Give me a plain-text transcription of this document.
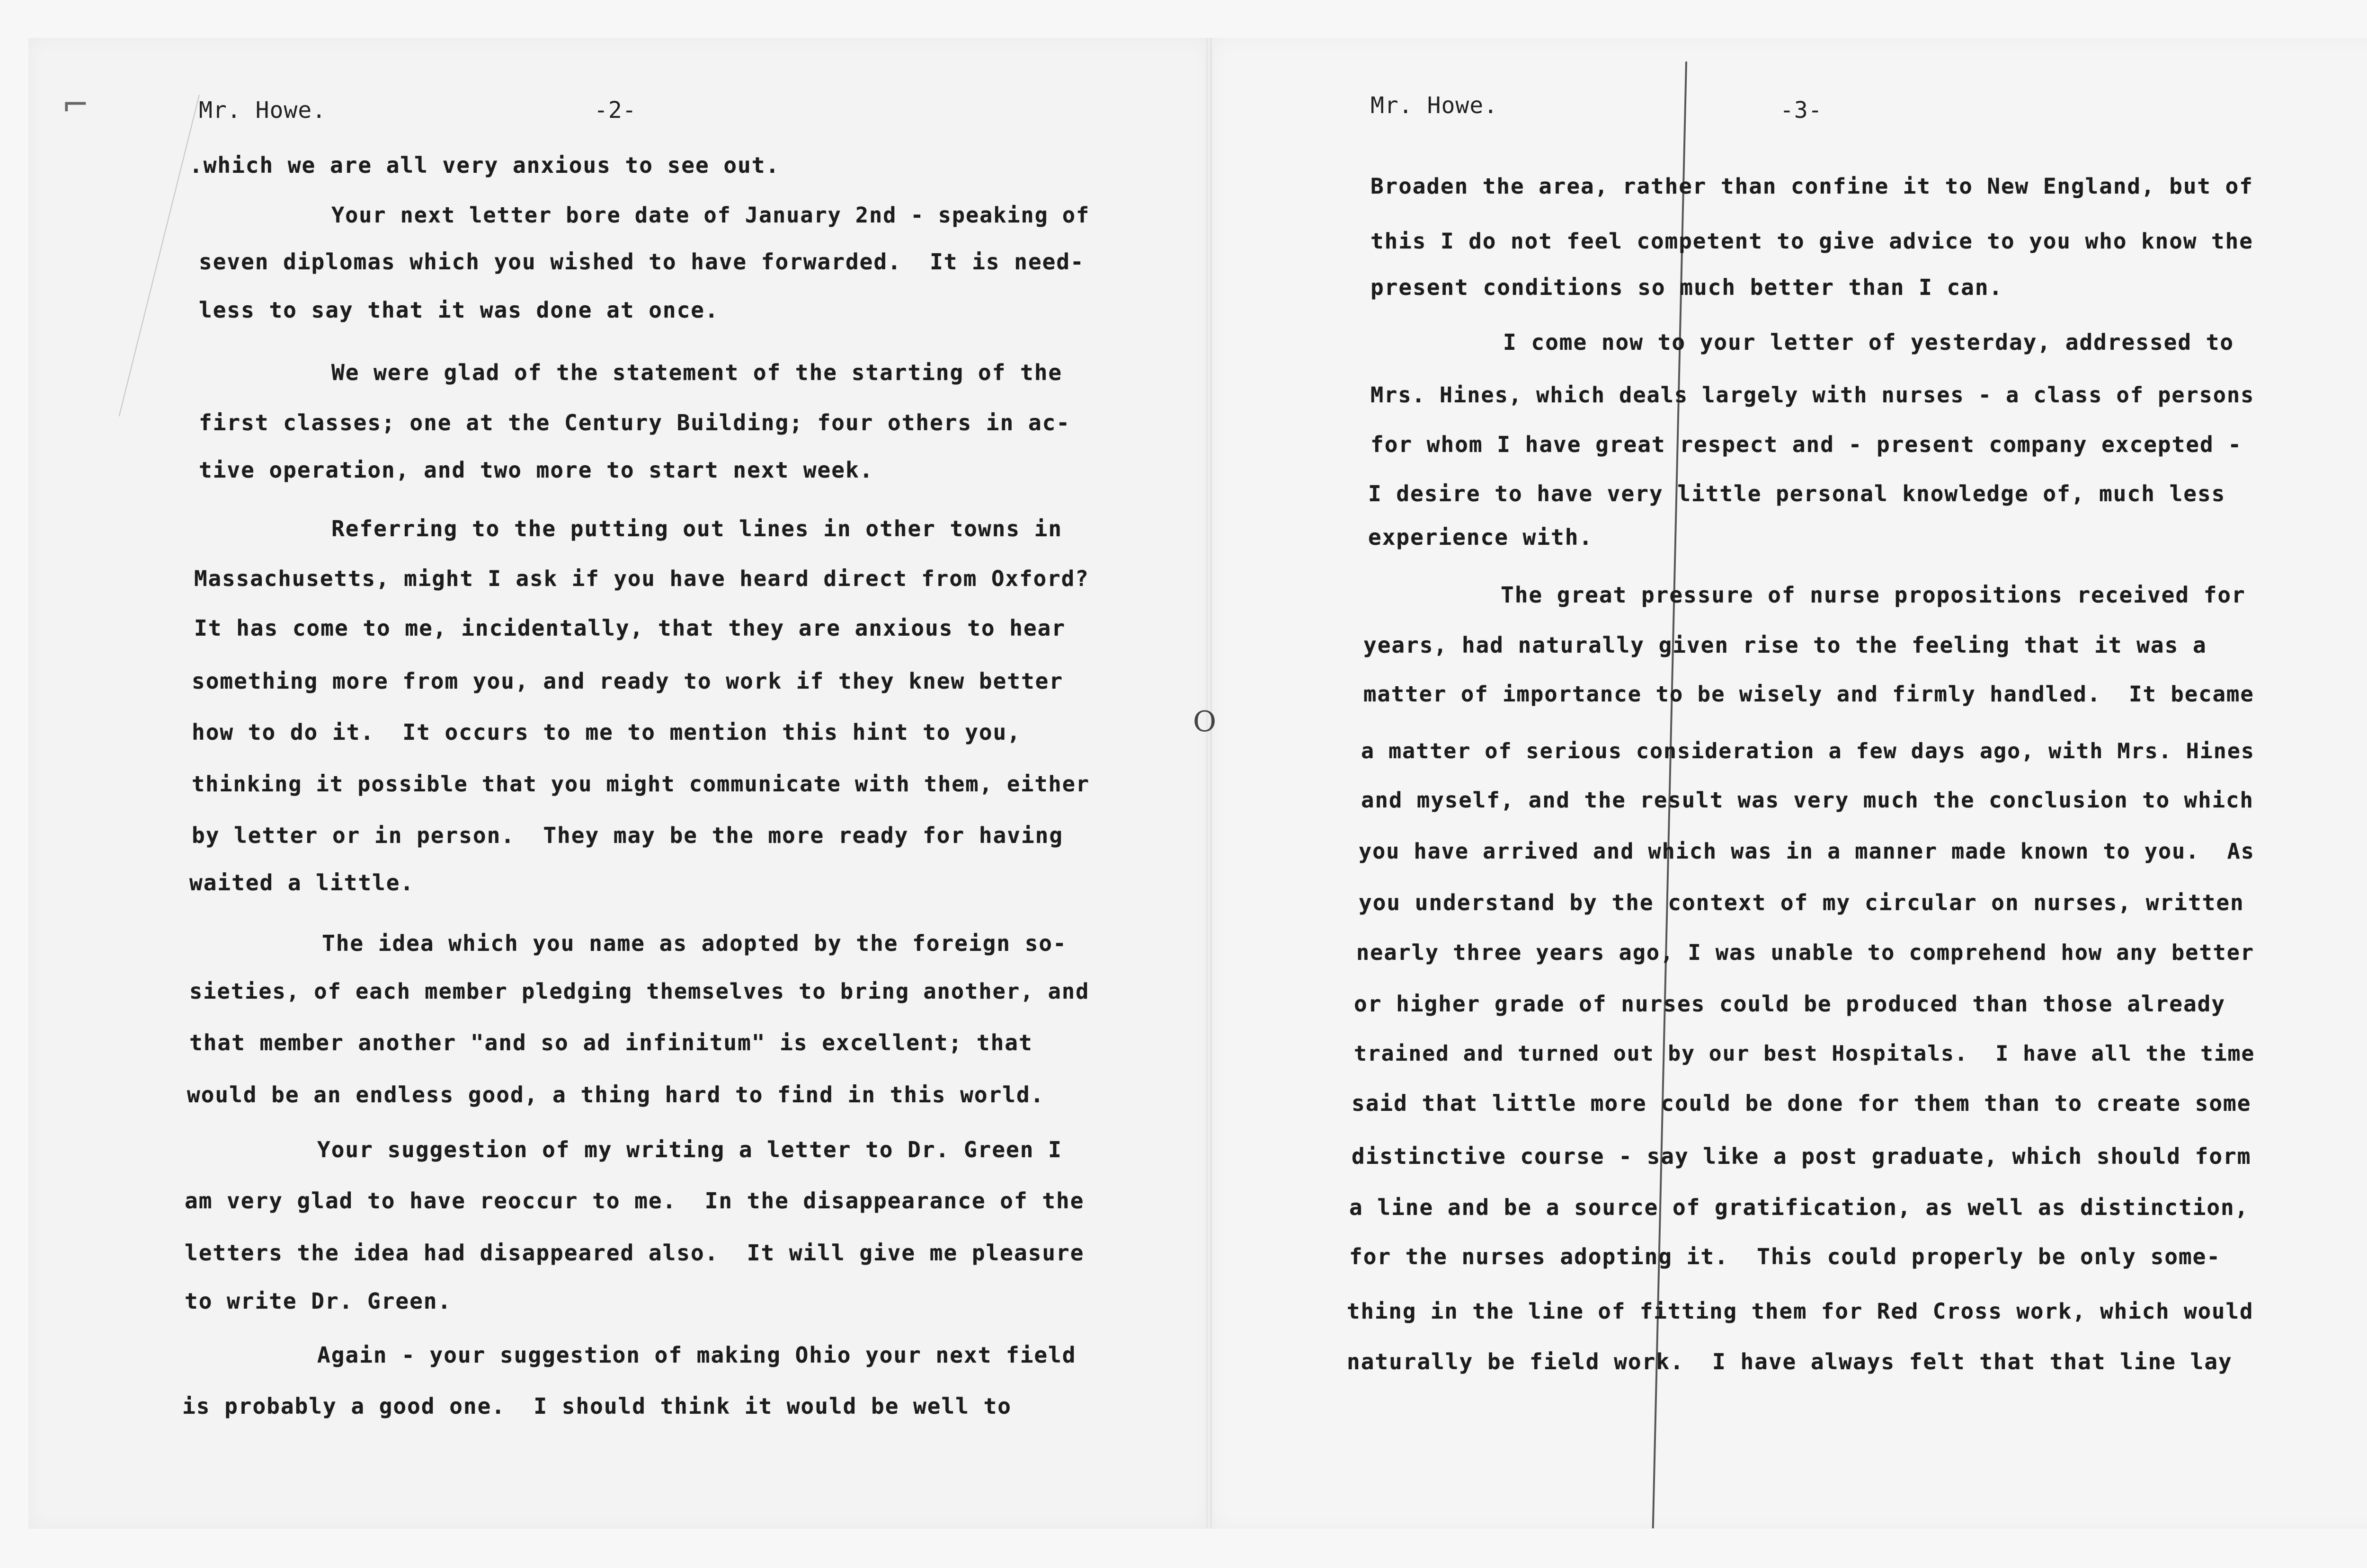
⌐	Mr. Howe.	-2-
.which we are all very anxious to see out.
Your next letter bore date of January 2nd - speaking of
seven diplomas which you wished to have forwarded.  It is need-
less to say that it was done at once.
We were glad of the statement of the starting of the
first classes; one at the Century Building; four others in ac-
tive operation, and two more to start next week.
Referring to the putting out lines in other towns in
Massachusetts, might I ask if you have heard direct from Oxford?
It has come to me, incidentally, that they are anxious to hear
something more from you, and ready to work if they knew better
how to do it.  It occurs to me to mention this hint to you,
thinking it possible that you might communicate with them, either
by letter or in person.  They may be the more ready for having
waited a little.
The idea which you name as adopted by the foreign so-
sieties, of each member pledging themselves to bring another, and
that member another "and so ad infinitum" is excellent; that
would be an endless good, a thing hard to find in this world.
Your suggestion of my writing a letter to Dr. Green I
am very glad to have reoccur to me.  In the disappearance of the
letters the idea had disappeared also.  It will give me pleasure
to write Dr. Green.
Again - your suggestion of making Ohio your next field
is probably a good one.  I should think it would be well to
O
Mr. Howe.	-3-
Broaden the area, rather than confine it to New England, but of
this I do not feel competent to give advice to you who know the
present conditions so much better than I can.
I come now to your letter of yesterday, addressed to
Mrs. Hines, which deals largely with nurses - a class of persons
for whom I have great respect and - present company excepted -
I desire to have very little personal knowledge of, much less
experience with.
The great pressure of nurse propositions received for
years, had naturally given rise to the feeling that it was a
matter of importance to be wisely and firmly handled.  It became
a matter of serious consideration a few days ago, with Mrs. Hines
and myself, and the result was very much the conclusion to which
you have arrived and which was in a manner made known to you.  As
you understand by the context of my circular on nurses, written
nearly three years ago, I was unable to comprehend how any better
or higher grade of nurses could be produced than those already
trained and turned out by our best Hospitals.  I have all the time
said that little more could be done for them than to create some
distinctive course - say like a post graduate, which should form
a line and be a source of gratification, as well as distinction,
for the nurses adopting it.  This could properly be only some-
thing in the line of fitting them for Red Cross work, which would
naturally be field work.  I have always felt that that line lay
